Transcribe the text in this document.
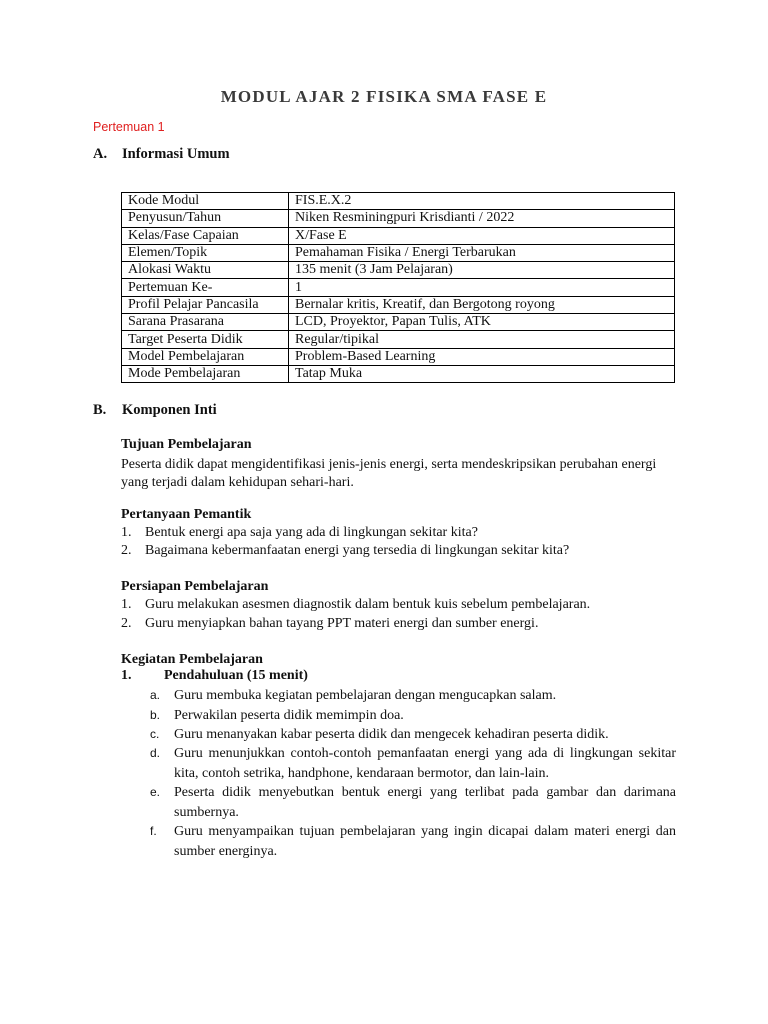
MODUL AJAR 2 FISIKA SMA FASE E
Pertemuan 1
A. Informasi Umum
Kode Modul	FIS.E.X.2
Penyusun/Tahun	Niken Resminingpuri Krisdianti / 2022
Kelas/Fase Capaian	X/Fase E
Elemen/Topik	Pemahaman Fisika / Energi Terbarukan
Alokasi Waktu	135 menit (3 Jam Pelajaran)
Pertemuan Ke-	1
Profil Pelajar Pancasila	Bernalar kritis, Kreatif, dan Bergotong royong
Sarana Prasarana	LCD, Proyektor, Papan Tulis, ATK
Target Peserta Didik	Regular/tipikal
Model Pembelajaran	Problem-Based Learning
Mode Pembelajaran	Tatap Muka
B. Komponen Inti
Tujuan Pembelajaran

Peserta didik dapat mengidentifikasi jenis-jenis energi, serta mendeskripsikan perubahan energi yang terjadi dalam kehidupan sehari-hari.

Pertanyaan Pemantik
1. Bentuk energi apa saja yang ada di lingkungan sekitar kita?
2. Bagaimana kebermanfaatan energi yang tersedia di lingkungan sekitar kita?
Persiapan Pembelajaran
1. Guru melakukan asesmen diagnostik dalam bentuk kuis sebelum pembelajaran.
2. Guru menyiapkan bahan tayang PPT materi energi dan sumber energi.
Kegiatan Pembelajaran
1. Pendahuluan (15 menit)
a. Guru membuka kegiatan pembelajaran dengan mengucapkan salam.
b. Perwakilan peserta didik memimpin doa.
c. Guru menanyakan kabar peserta didik dan mengecek kehadiran peserta didik.
d. Guru menunjukkan contoh-contoh pemanfaatan energi yang ada di lingkungan sekitar kita, contoh setrika, handphone, kendaraan bermotor, dan lain-lain.
e. Peserta didik menyebutkan bentuk energi yang terlibat pada gambar dan darimana sumbernya.
f. Guru menyampaikan tujuan pembelajaran yang ingin dicapai dalam materi energi dan sumber energinya.
